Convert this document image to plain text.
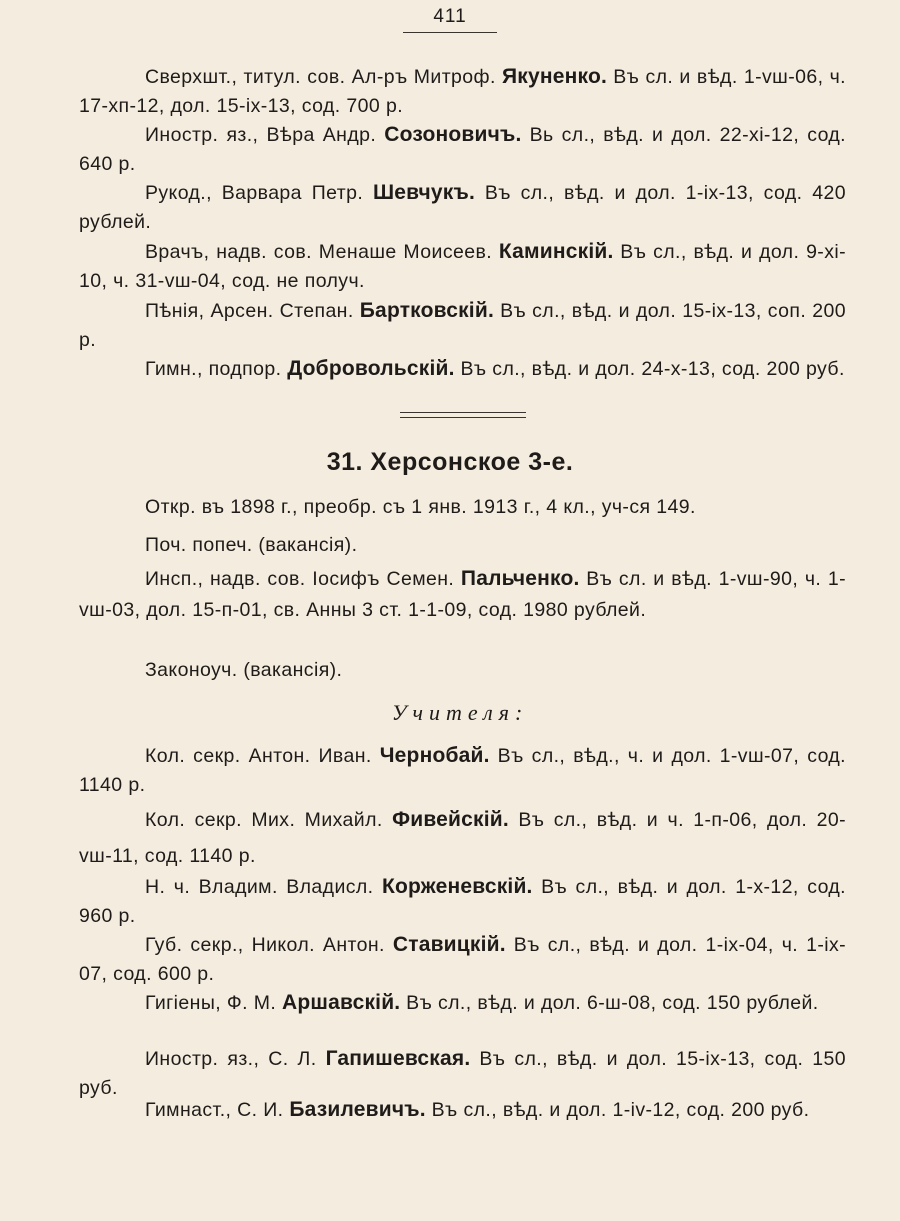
411

Сверхшт., титул. сов. Ал-ръ Митроф. Якуненко. Въ сл. и вѣд. 1-vш-06, ч. 17-xп-12, дол. 15-ix-13, сод. 700 р.

Иностр. яз., Вѣра Андр. Созоновичъ. Вь сл., вѣд. и дол. 22-xi-12, сод. 640 р.

Рукод., Варвара Петр. Шевчукъ. Въ сл., вѣд. и дол. 1-ix-13, сод. 420 рублей.

Врачъ, надв. сов. Менаше Моисеев. Каминскій. Въ сл., вѣд. и дол. 9-xi-10, ч. 31-vш-04, сод. не получ.

Пѣнія, Арсен. Степан. Бартковскій. Въ сл., вѣд. и дол. 15-ix-13, соп. 200 р.

Гимн., подпор. Добровольскій. Въ сл., вѣд. и дол. 24-x-13, сод. 200 руб.

31. Херсонское 3-е.

Откр. въ 1898 г., преобр. съ 1 янв. 1913 г., 4 кл., уч-ся 149.

Поч. попеч. (вакансія).

Инсп., надв. сов. Іосифъ Семен. Пальченко. Въ сл. и вѣд. 1-vш-90, ч. 1-vш-03, дол. 15-п-01, св. Анны 3 ст. 1-1-09, сод. 1980 рублей.

Законоуч. (вакансія).

Учителя:

Кол. секр. Антон. Иван. Чернобай. Въ сл., вѣд., ч. и дол. 1-vш-07, сод. 1140 р.

Кол. секр. Мих. Михайл. Фивейскій. Въ сл., вѣд. и ч. 1-п-06, дол. 20-vш-11, сод. 1140 р.

Н. ч. Владим. Владисл. Корженевскій. Въ сл., вѣд. и дол. 1-x-12, сод. 960 р.

Губ. секр., Никол. Антон. Ставицкій. Въ сл., вѣд. и дол. 1-ix-04, ч. 1-ix-07, сод. 600 р.

Гигіены, Ф. М. Аршавскій. Въ сл., вѣд. и дол. 6-ш-08, сод. 150 рублей.

Иностр. яз., С. Л. Гапишевская. Въ сл., вѣд. и дол. 15-ix-13, сод. 150 руб.

Гимнаст., С. И. Базилевичъ. Въ сл., вѣд. и дол. 1-iv-12, сод. 200 руб.
